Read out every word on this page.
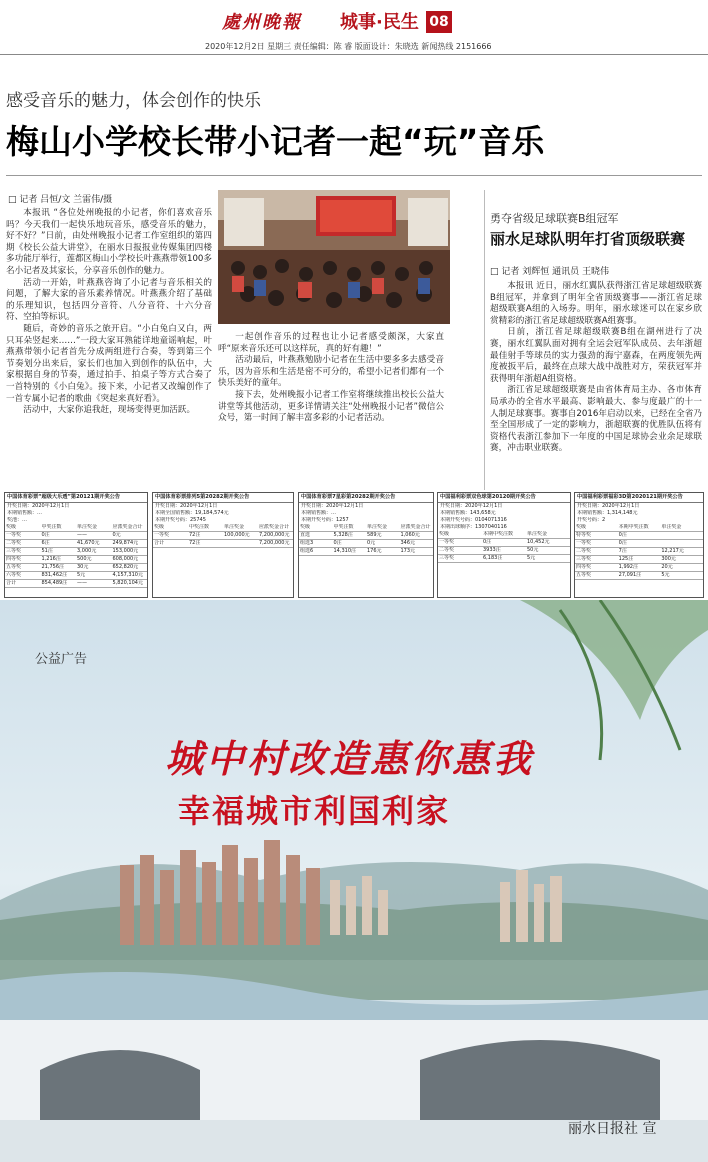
處州晚報 城事·民生 08
2020年12月2日 星期三 责任编辑：陈 睿 版面设计：朱晓选 新闻热线 2151666
感受音乐的魅力，体会创作的快乐
梅山小学校长带小记者一起“玩”音乐
□ 记者 吕恒/文 兰雷伟/摄

本报讯 “各位处州晚报的小记者，你们喜欢音乐吗？今天我们一起快乐地玩音乐，感受音乐的魅力，好不好？”日前，由处州晚报小记者工作室组织的第四期《校长公益大讲堂》，在丽水日报报业传媒集团四楼多功能厅举行，莲都区梅山小学校长叶燕燕带领100多名小记者及其家长，分享音乐创作的魅力。

活动一开始，叶燕燕咨询了小记者与音乐相关的问题，了解大家的音乐素养情况。叶燕燕介绍了基础的乐理知识，包括四分音符、八分音符、十六分音符、空拍等标识。

随后，奇妙的音乐之旅开启。“小白兔白又白，两只耳朵竖起来……”一段大家耳熟能详地童谣响起，叶燕燕带领小记者首先分成两组进行合奏，等到第三个节奏划分出来后，家长们也加入到创作的队伍中，大家根据自身的节奏，通过拍手、拍桌子等方式合奏了一首特别的《小白兔》。接下来，小记者又改编创作了一首专属小记者的歌曲《突起来真好看》。

活动中，大家你追我赶，现场变得更加活跃。

一起创作音乐的过程也让小记者感受颇深，大家直呼“原来音乐还可以这样玩，真的好有趣！”

活动最后，叶燕燕勉励小记者在生活中要多多去感受音乐，因为音乐和生活是密不可分的，希望小记者们都有一个快乐美好的童年。

接下去，处州晚报小记者工作室将继续推出校长公益大讲堂等其他活动，更多详情请关注“处州晚报小记者”微信公众号，第一时间了解丰富多彩的小记者活动。

勇夺省级足球联赛B组冠军
丽水足球队明年打省顶级联赛
□ 记者 刘辉恒 通讯员 王晓伟

本报讯 近日，丽水红翼队获得浙江省足球超级联赛B组冠军，并拿到了明年全省顶级赛事——浙江省足球超级联赛A组的入场券。明年，丽水球迷可以在家乡欣赏精彩的浙江省足球超级联赛A组赛事。

日前，浙江省足球超级联赛B组在湖州进行了决赛，丽水红翼队面对拥有全运会冠军队成员、去年浙超最佳射手等球员的实力强劲的海宁嘉森，在两度领先两度被扳平后，最终在点球大战中战胜对方，荣获冠军并获得明年浙超A组资格。

浙江省足球超级联赛是由省体育局主办、各市体育局承办的全省水平最高、影响最大、参与度最广的十一人制足球赛事。赛事自2016年启动以来，已经在全省乃至全国形成了一定的影响力，浙超联赛的优胜队伍将有资格代表浙江参加下一年度的中国足球协会业余足球联赛，冲击职业联赛。

中国体育彩票“超级大乐透”第20121期开奖公告
开奖日期：2020年12月1日
本期销售额：…
奖池：…
奖级	中奖注数	单注奖金	应派奖金合计
一等奖	0注	——	0元
二等奖	6注	41,670元	249,874元
三等奖	51注	3,000元	153,000元
四等奖	1,216注	500元	608,000元
五等奖	21,756注	30元	652,820元
六等奖	831,462注	5元	4,157,310元
合计	854,489注	——	5,820,104元
中国体育彩票排列5第20282期开奖公告
开奖日期：2020年12月1日
本期全国销售额：19,184,574元
本期开奖号码：25745
奖级	中奖注数	单注奖金	应派奖金合计
一等奖	72注	100,000元	7,200,000元
合计	72注	7,200,000元
中国体育彩票7星彩第20282期开奖公告
开奖日期：2020年12月1日
本期销售额：…
本期开奖号码：1257
奖级	中奖注数	单注奖金	应派奖金合计
直选	5,328注	589元	1,060元
组选3	0注	0元	346元
组选6	14,310注	176元	173元
中国福利彩票双色球第20120期开奖公告
开奖日期：2020年12月1日
本期销售额：143,658元
本期开奖号码：0104071316
本期出球顺序：1307040116
奖级	本期中奖注数	单注奖金
一等奖	0注	10,452元
二等奖	3933注	50元
三等奖	6,183注	5元
中国福利彩票福彩3D第2020121期开奖公告
开奖日期：2020年12月1日
本期销售额：1,314,148元
开奖号码：2
奖级	本期中奖注数	单注奖金
特等奖	0注
一等奖	0注
二等奖	7注	12,217元
三等奖	125注	300元
四等奖	1,992注	20元
五等奖	27,091注	5元
公益广告
城中村改造惠你惠我
幸福城市利国利家
丽水日报社 宣
